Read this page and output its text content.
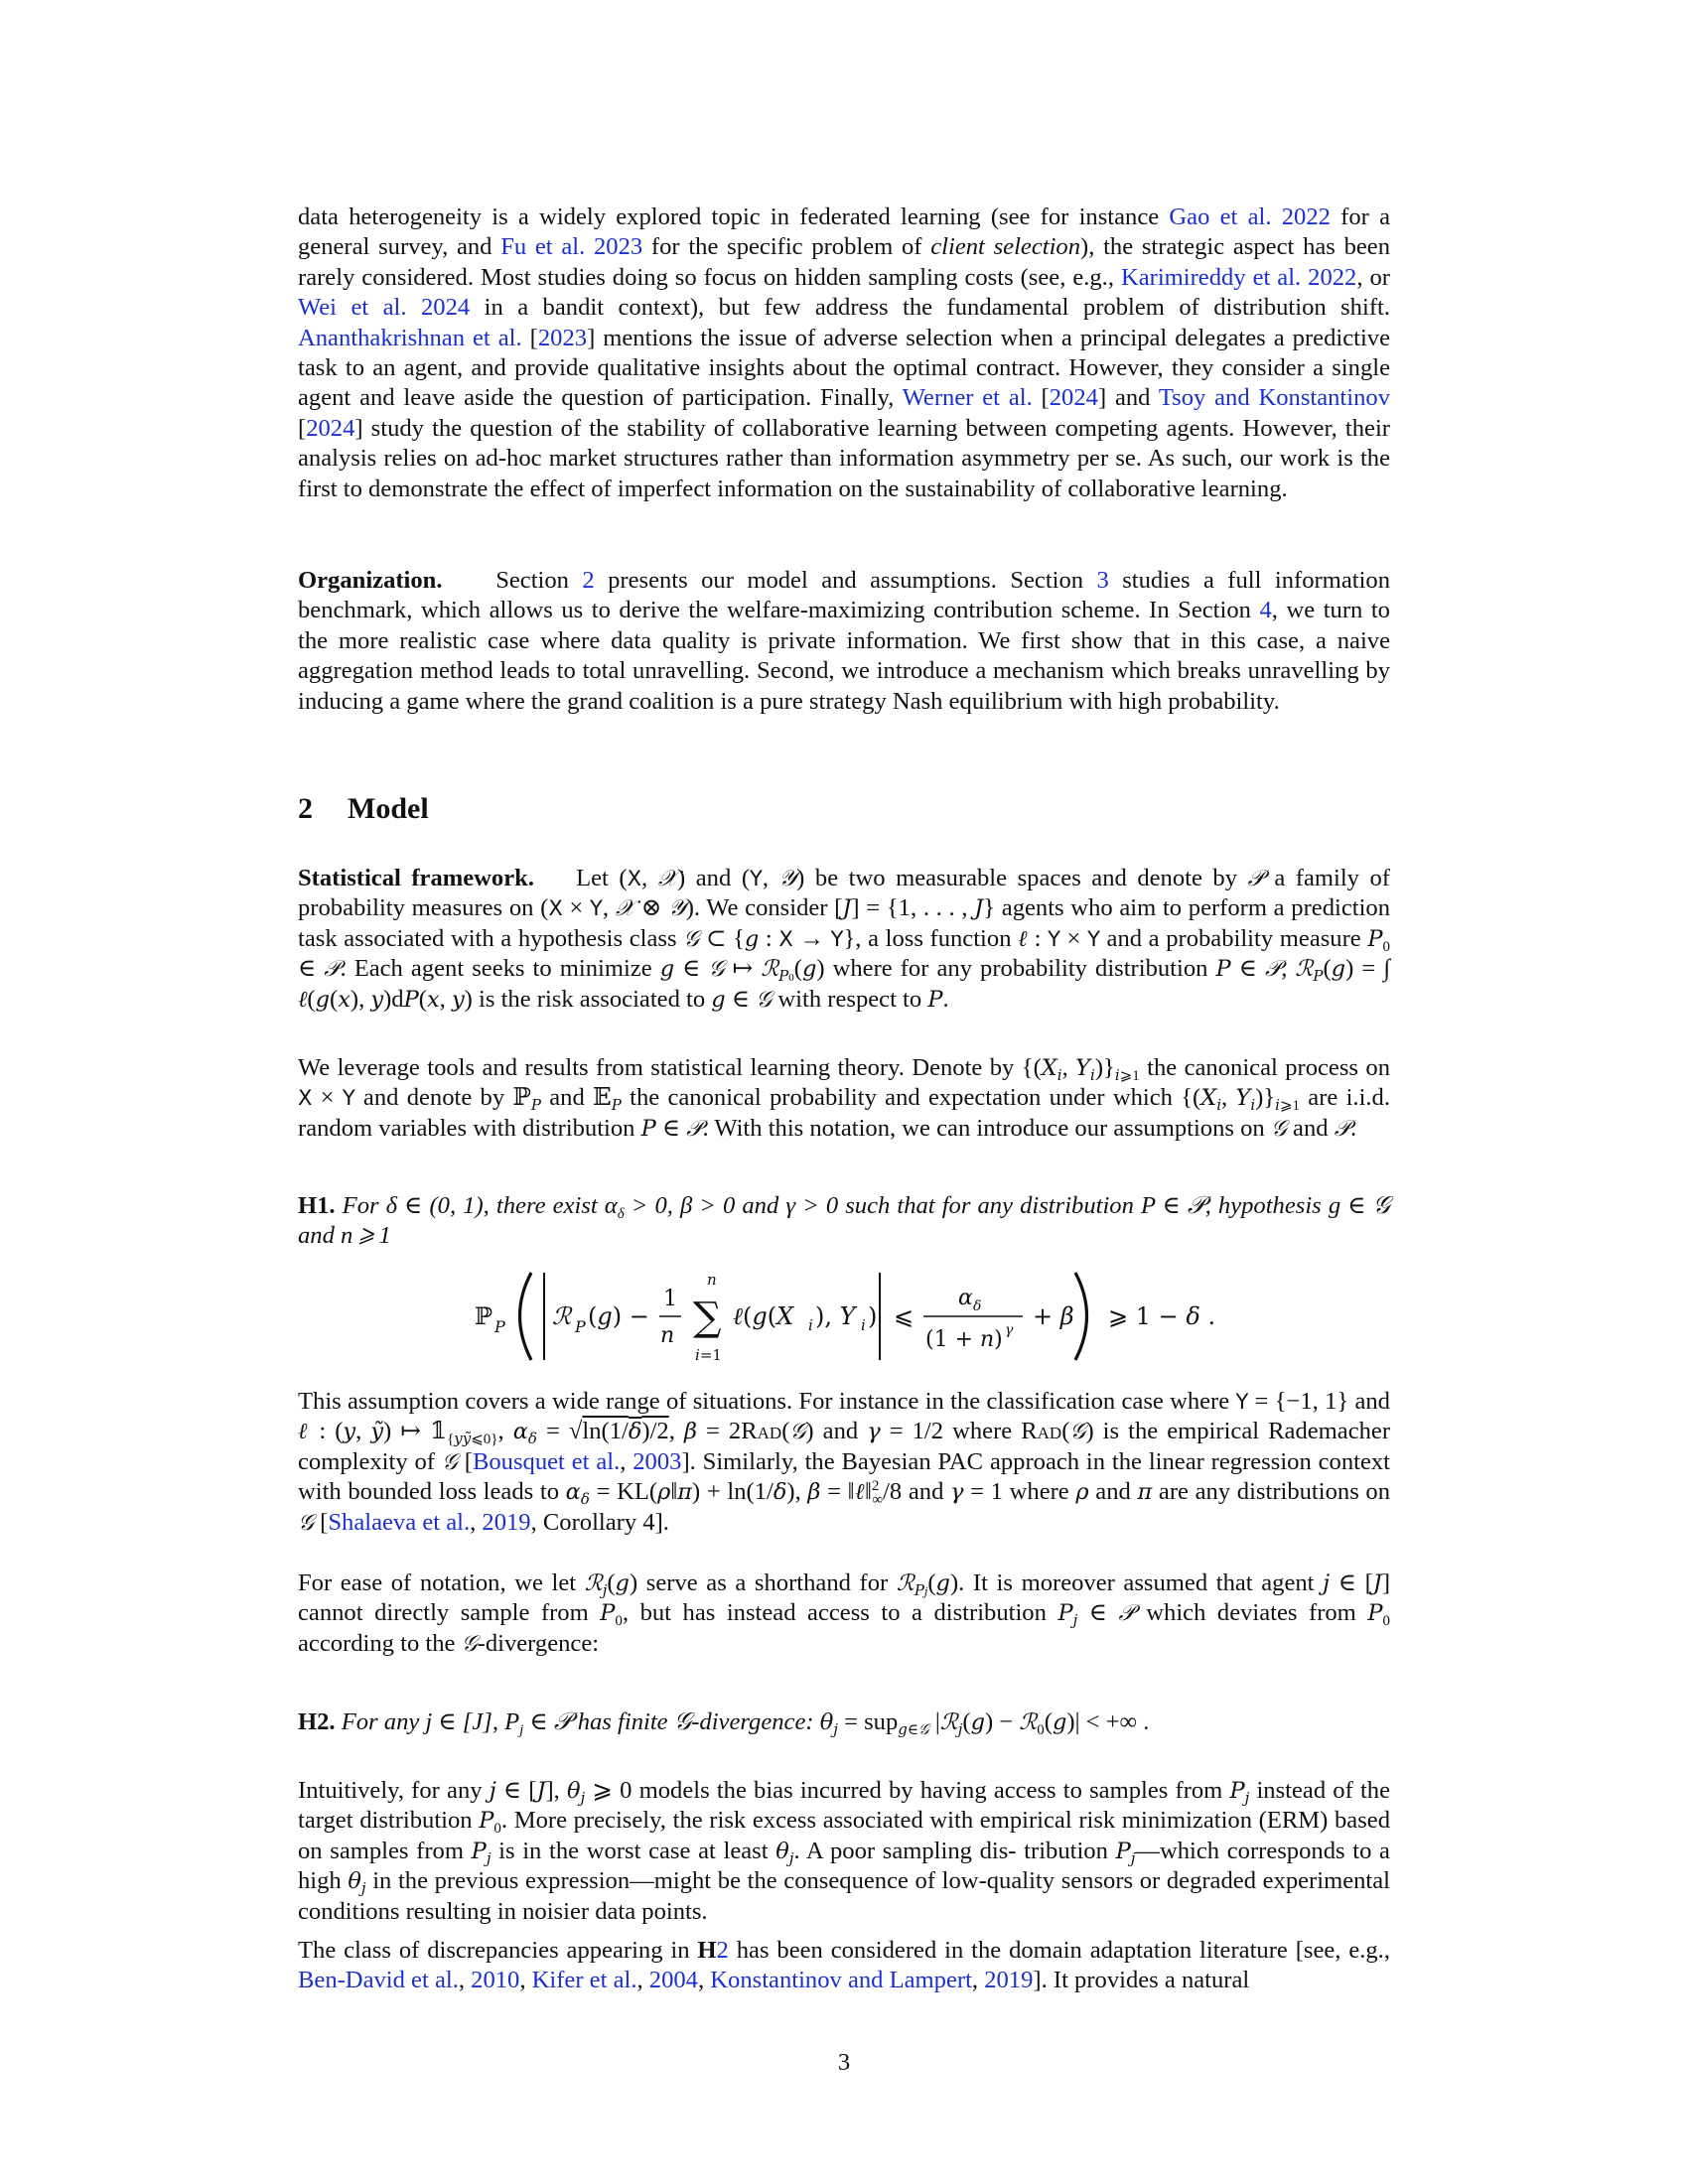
data heterogeneity is a widely explored topic in federated learning (see for instance Gao et al. 2022 for a general survey, and Fu et al. 2023 for the specific problem of client selection), the strategic aspect has been rarely considered. Most studies doing so focus on hidden sampling costs (see, e.g., Karimireddy et al. 2022, or Wei et al. 2024 in a bandit context), but few address the fundamental problem of distribution shift. Ananthakrishnan et al. [2023] mentions the issue of adverse selection when a principal delegates a predictive task to an agent, and provide qualitative insights about the optimal contract. However, they consider a single agent and leave aside the question of participation. Finally, Werner et al. [2024] and Tsoy and Konstantinov [2024] study the question of the stability of collaborative learning between competing agents. However, their analysis relies on ad-hoc market structures rather than information asymmetry per se. As such, our work is the first to demonstrate the effect of imperfect information on the sustainability of collaborative learning.

Organization.    Section 2 presents our model and assumptions. Section 3 studies a full information benchmark, which allows us to derive the welfare-maximizing contribution scheme. In Section 4, we turn to the more realistic case where data quality is private information. We first show that in this case, a naive aggregation method leads to total unravelling. Second, we introduce a mechanism which breaks unravelling by inducing a game where the grand coalition is a pure strategy Nash equilibrium with high probability.

2 Model

Statistical framework.    Let (X, 𝒳) and (Y, 𝒴) be two measurable spaces and denote by 𝒫 a family of probability measures on (X × Y, 𝒳 ⊗ 𝒴). We consider [J] = {1, . . . , J} agents who aim to perform a prediction task associated with a hypothesis class 𝒢 ⊂ {g : X → Y}, a loss function ℓ : Y × Y and a probability measure $P_0$ ∈ 𝒫. Each agent seeks to minimize g ∈ 𝒢 ↦ ℛ$_{P0}$(g) where for any probability distribution P ∈ 𝒫, ℛ$_P$(g) = ∫ ℓ(g(x), y)dP(x, y) is the risk associated to g ∈ 𝒢 with respect to P.

We leverage tools and results from statistical learning theory. Denote by {($X_i$, $Y_i)\}_{i⩾1}$ the canonical process on X × Y and denote by ℙ$_P$ and 𝔼$_P$ the canonical probability and expectation under which {($X_i$, $Y_i)\}_{i⩾1}$ are i.i.d. random variables with distribution P ∈ 𝒫. With this notation, we can introduce our assumptions on 𝒢 and 𝒫.

H1. For δ ∈ (0, 1), there exist $\alpha_\delta > 0$, β > 0 and γ > 0 such that for any distribution P ∈ 𝒫, hypothesis g ∈ 𝒢 and n ⩾ 1

ℙ P ℛ P (g) −
1
n
n
∑
i=1
ℓ(g(X i ), Y i ) ⩽
α δ
(1 + n) γ + β ⩾ 1 − δ .

This assumption covers a wide range of situations. For instance in the classification case where Y = {−1, 1} and ℓ : (y, ỹ) ↦ $𝟙_{\{yỹ⩽0\}}$, $\alpha_\delta = √\ln(1/\delta)/2$, β = 2Rad(𝒢) and γ = 1/2 where Rad(𝒢) is the empirical Rademacher complexity of 𝒢 [Bousquet et al., 2003]. Similarly, the Bayesian PAC approach in the linear regression context with bounded loss leads to $\alpha_\delta$ = KL(ρ‖π) + ln(1/δ), β = ‖ℓ‖$^2_\infty$/8 and γ = 1 where ρ and π are any distributions on 𝒢 [Shalaeva et al., 2019, Corollary 4].

For ease of notation, we let ℛ$_j$(g) serve as a shorthand for ℛ$_{Pj}$(g). It is moreover assumed that agent j ∈ [J] cannot directly sample from $P_0$, but has instead access to a distribution $P_j$ ∈ 𝒫 which deviates from $P_0$ according to the 𝒢-divergence:

H2. For any j ∈ [J], $P_j$ ∈ 𝒫 has finite 𝒢-divergence: $\theta_j = sup_{g\in 𝒢}$ |ℛ$_j$(g) − ℛ$_0$(g)| < +∞ .

Intuitively, for any j ∈ [J], $\theta_j$ ⩾ 0 models the bias incurred by having access to samples from $P_j$ instead of the target distribution $P_0$. More precisely, the risk excess associated with empirical risk minimization (ERM) based on samples from $P_j$ is in the worst case at least $\theta_j$. A poor sampling dis- tribution $P_j—which$ corresponds to a high $\theta_j$ in the previous expression—might be the consequence of low-quality sensors or degraded experimental conditions resulting in noisier data points.

The class of discrepancies appearing in H2 has been considered in the domain adaptation literature [see, e.g., Ben-David et al., 2010, Kifer et al., 2004, Konstantinov and Lampert, 2019]. It provides a natural

3
